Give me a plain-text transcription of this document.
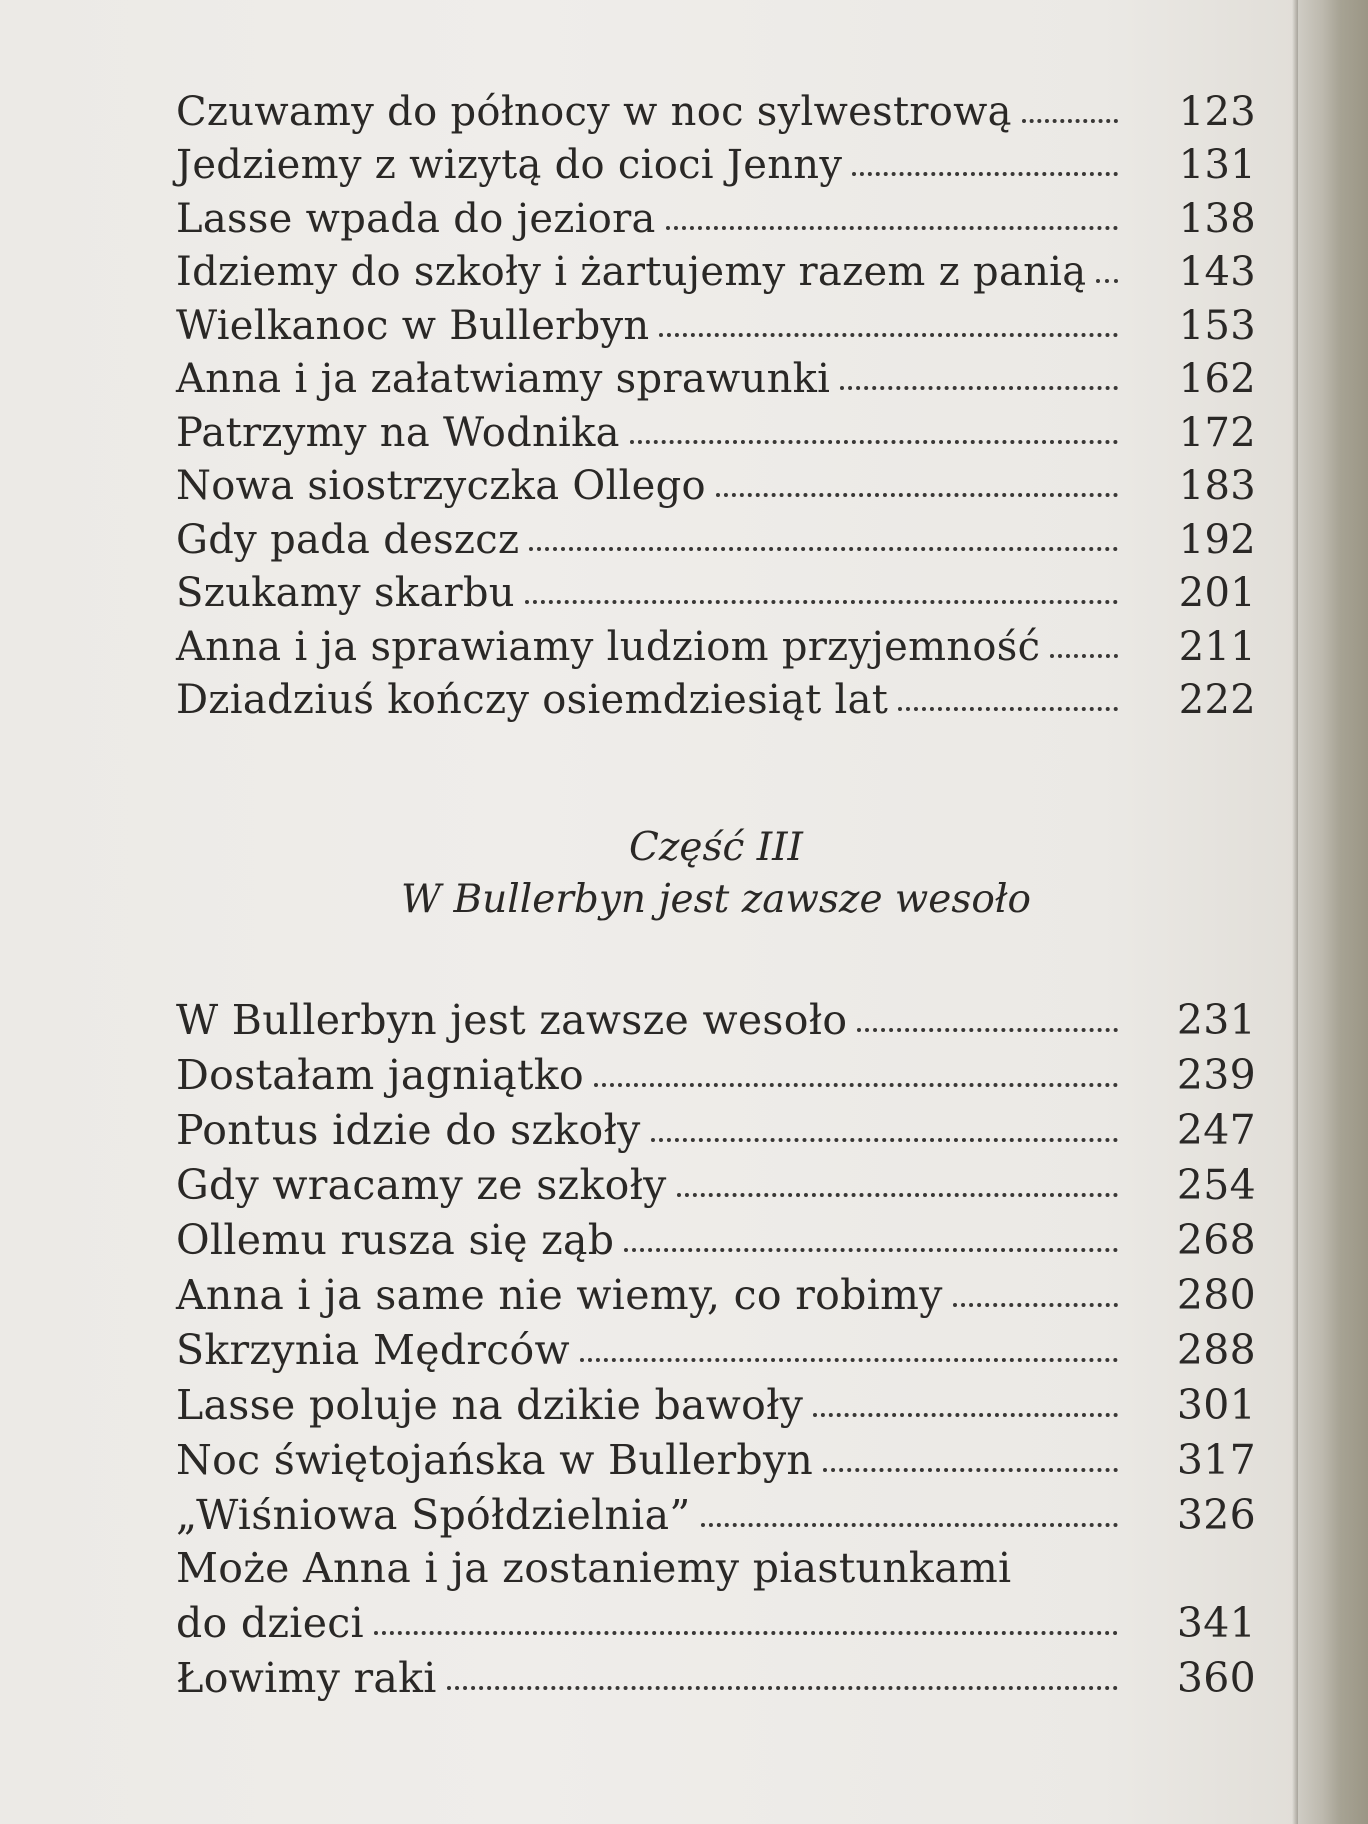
Czuwamy do północy w noc sylwestrową	123
Jedziemy z wizytą do cioci Jenny	131
Lasse wpada do jeziora	138
Idziemy do szkoły i żartujemy razem z panią	143
Wielkanoc w Bullerbyn	153
Anna i ja załatwiamy sprawunki	162
Patrzymy na Wodnika	172
Nowa siostrzyczka Ollego	183
Gdy pada deszcz	192
Szukamy skarbu	201
Anna i ja sprawiamy ludziom przyjemność	211
Dziadziuś kończy osiemdziesiąt lat	222
Część III
W Bullerbyn jest zawsze wesoło
W Bullerbyn jest zawsze wesoło	231
Dostałam jagniątko	239
Pontus idzie do szkoły	247
Gdy wracamy ze szkoły	254
Ollemu rusza się ząb	268
Anna i ja same nie wiemy, co robimy	280
Skrzynia Mędrców	288
Lasse poluje na dzikie bawoły	301
Noc świętojańska w Bullerbyn	317
„Wiśniowa Spółdzielnia”	326
Może Anna i ja zostaniemy piastunkami
do dzieci	341
Łowimy raki	360
